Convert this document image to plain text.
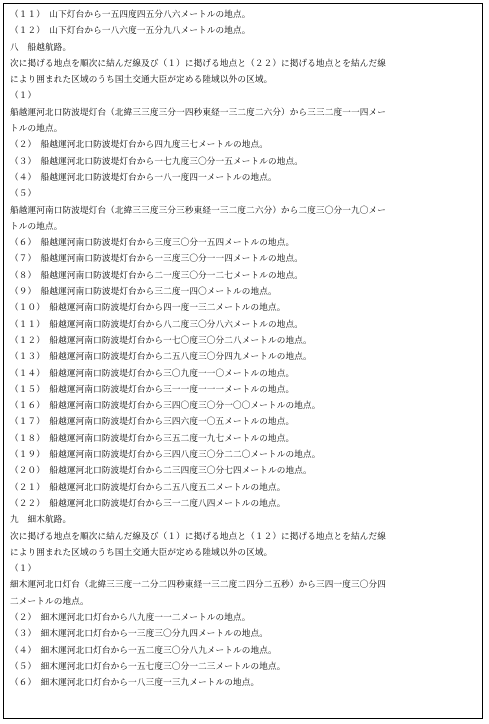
（１１）　山下灯台から一五四度四五分八六メートルの地点。
（１２）　山下灯台から一八六度一五分九八メートルの地点。
八　船越航路。
次に掲げる地点を順次に結んだ線及び（１）に掲げる地点と（２２）に掲げる地点とを結んだ線
により囲まれた区域のうち国土交通大臣が定める陸域以外の区域。
（１）
船越運河北口防波堤灯台（北緯三三度三分一四秒東経一三二度二六分）から三三二度一一四メー
トルの地点。
（２）　船越運河北口防波堤灯台から四九度三七メートルの地点。
（３）　船越運河北口防波堤灯台から一七九度三〇分一五メートルの地点。
（４）　船越運河北口防波堤灯台から一八一度四一メートルの地点。
（５）
船越運河南口防波堤灯台（北緯三三度三分三秒東経一三二度二六分）から二度三〇分一九〇メー
トルの地点。
（６）　船越運河南口防波堤灯台から三度三〇分一五四メートルの地点。
（７）　船越運河南口防波堤灯台から一三度三〇分一一四メートルの地点。
（８）　船越運河南口防波堤灯台から二一度三〇分一二七メートルの地点。
（９）　船越運河南口防波堤灯台から三二度一四〇メートルの地点。
（１０）　船越運河南口防波堤灯台から四一度一三二メートルの地点。
（１１）　船越運河南口防波堤灯台から八二度三〇分八六メートルの地点。
（１２）　船越運河南口防波堤灯台から一七〇度三〇分二八メートルの地点。
（１３）　船越運河南口防波堤灯台から二五八度三〇分四九メートルの地点。
（１４）　船越運河南口防波堤灯台から三〇九度一一〇メートルの地点。
（１５）　船越運河南口防波堤灯台から三一一度一一一メートルの地点。
（１６）　船越運河南口防波堤灯台から三四〇度三〇分一〇〇メートルの地点。
（１７）　船越運河南口防波堤灯台から三四六度一〇五メートルの地点。
（１８）　船越運河南口防波堤灯台から三五二度一九七メートルの地点。
（１９）　船越運河南口防波堤灯台から三四八度三〇分二二〇メートルの地点。
（２０）　船越運河北口防波堤灯台から二三四度三〇分七四メートルの地点。
（２１）　船越運河北口防波堤灯台から二五八度五二メートルの地点。
（２２）　船越運河北口防波堤灯台から三一二度八四メートルの地点。
九　細木航路。
次に掲げる地点を順次に結んだ線及び（１）に掲げる地点と（１２）に掲げる地点とを結んだ線
により囲まれた区域のうち国土交通大臣が定める陸域以外の区域。
（１）
細木運河北口灯台（北緯三三度一二分二四秒東経一三二度二四分二五秒）から三四一度三〇分四
二メートルの地点。
（２）　細木運河北口灯台から八九度一一二メートルの地点。
（３）　細木運河北口灯台から一三度三〇分九四メートルの地点。
（４）　細木運河北口灯台から一五二度三〇分八九メートルの地点。
（５）　細木運河北口灯台から一五七度三〇分一二三メートルの地点。
（６）　細木運河北口灯台から一八三度一三九メートルの地点。
